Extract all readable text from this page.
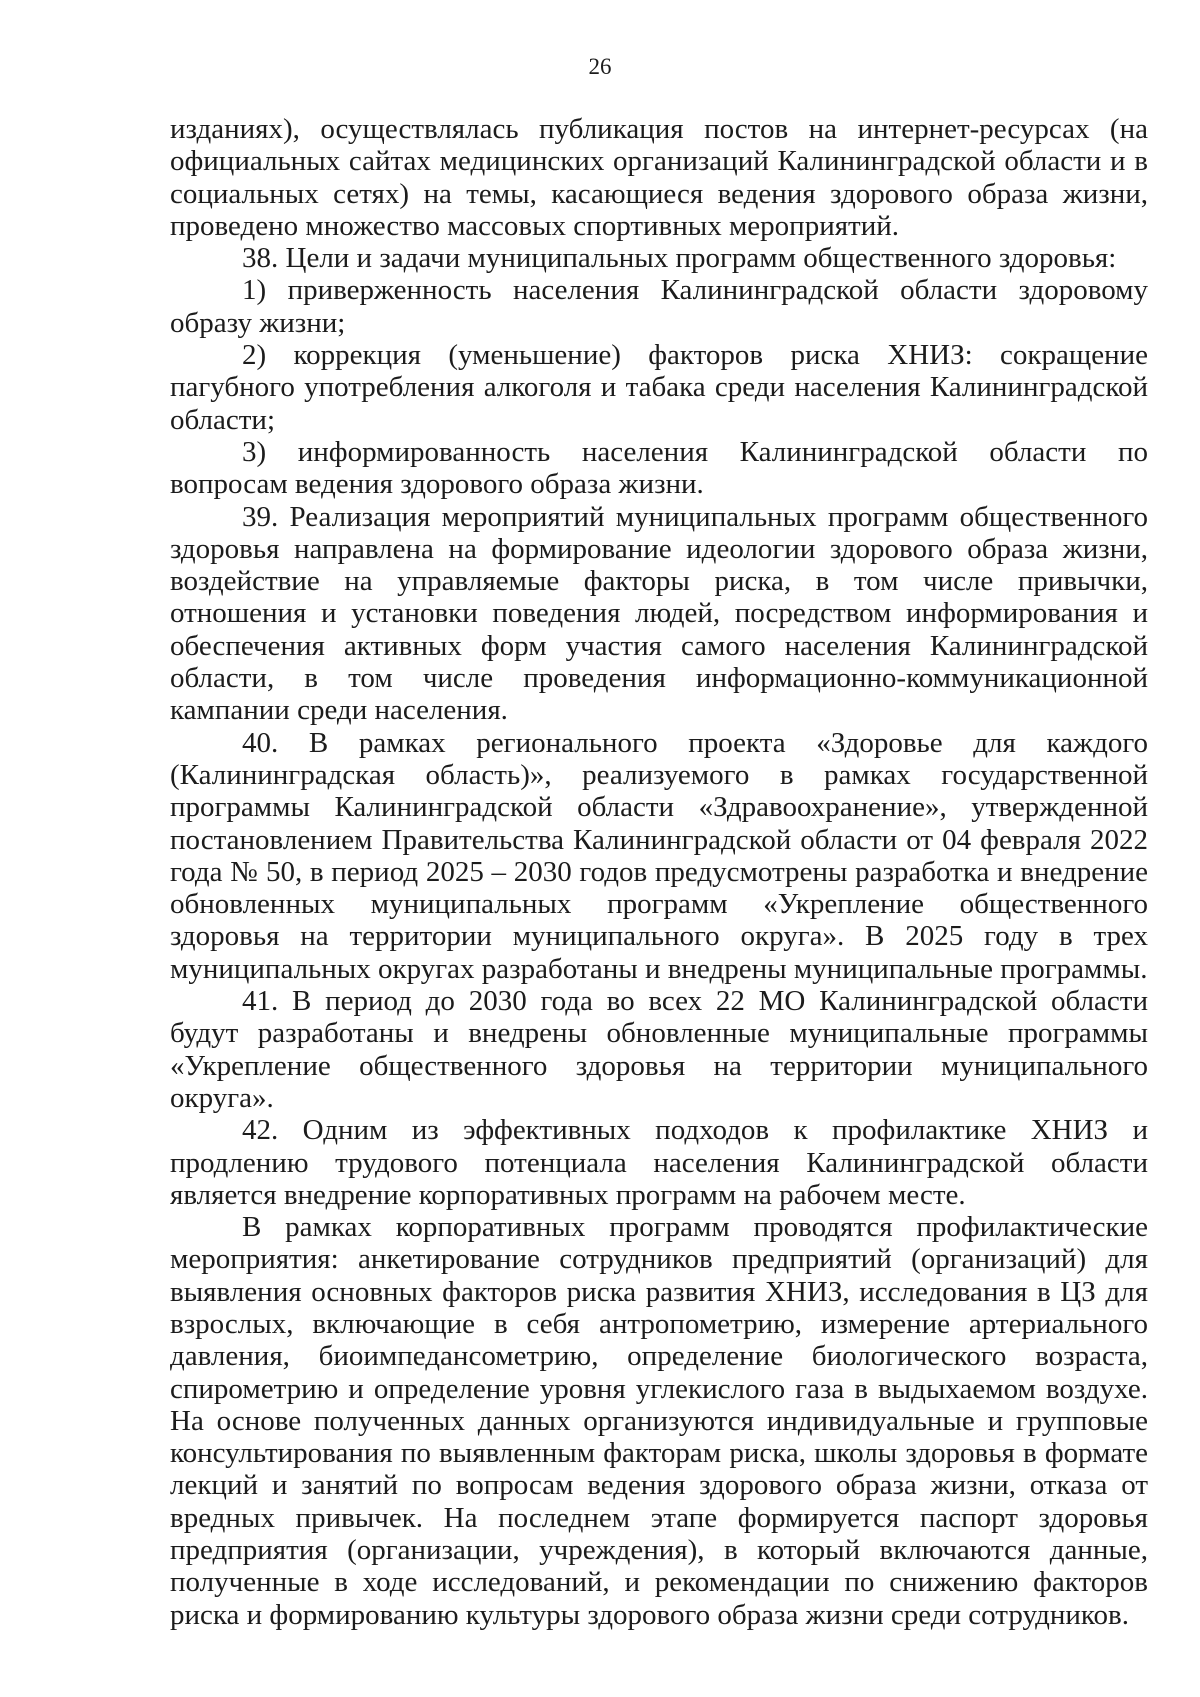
26

изданиях), осуществлялась публикация постов на интернет-ресурсах (на официальных сайтах медицинских организаций Калининградской области и в социальных сетях) на темы, касающиеся ведения здорового образа жизни, проведено множество массовых спортивных мероприятий.

38. Цели и задачи муниципальных программ общественного здоровья:

1) приверженность населения Калининградской области здоровому образу жизни;

2) коррекция (уменьшение) факторов риска ХНИЗ: сокращение пагубного употребления алкоголя и табака среди населения Калининградской области;

3) информированность населения Калининградской области по вопросам ведения здорового образа жизни.

39. Реализация мероприятий муниципальных программ общественного здоровья направлена на формирование идеологии здорового образа жизни, воздействие на управляемые факторы риска, в том числе привычки, отношения и установки поведения людей, посредством информирования и обеспечения активных форм участия самого населения Калининградской области, в том числе проведения информационно-коммуникационной кампании среди населения.

40. В рамках регионального проекта «Здоровье для каждого (Калининградская область)», реализуемого в рамках государственной программы Калининградской области «Здравоохранение», утвержденной постановлением Правительства Калининградской области от 04 февраля 2022 года № 50, в период 2025 – 2030 годов предусмотрены разработка и внедрение обновленных муниципальных программ «Укрепление общественного здоровья на территории муниципального округа». В 2025 году в трех муниципальных округах разработаны и внедрены муниципальные программы.

41. В период до 2030 года во всех 22 МО Калининградской области будут разработаны и внедрены обновленные муниципальные программы «Укрепление общественного здоровья на территории муниципального округа».

42. Одним из эффективных подходов к профилактике ХНИЗ и продлению трудового потенциала населения Калининградской области является внедрение корпоративных программ на рабочем месте.

В рамках корпоративных программ проводятся профилактические мероприятия: анкетирование сотрудников предприятий (организаций) для выявления основных факторов риска развития ХНИЗ, исследования в ЦЗ для взрослых, включающие в себя антропометрию, измерение артериального давления, биоимпедансометрию, определение биологического возраста, спирометрию и определение уровня углекислого газа в выдыхаемом воздухе. На основе полученных данных организуются индивидуальные и групповые консультирования по выявленным факторам риска, школы здоровья в формате лекций и занятий по вопросам ведения здорового образа жизни, отказа от вредных привычек. На последнем этапе формируется паспорт здоровья предприятия (организации, учреждения), в который включаются данные, полученные в ходе исследований, и рекомендации по снижению факторов риска и формированию культуры здорового образа жизни среди сотрудников.
